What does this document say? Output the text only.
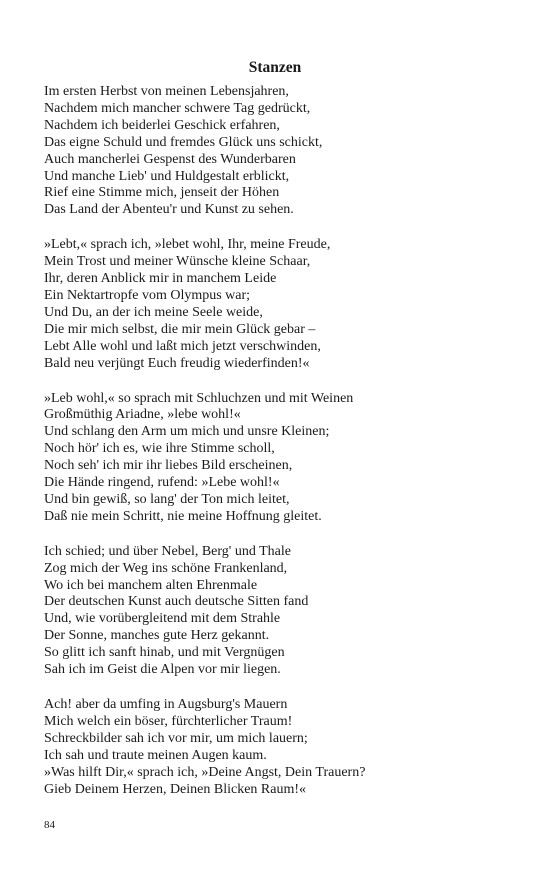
Stanzen
Im ersten Herbst von meinen Lebensjahren,
Nachdem mich mancher schwere Tag gedrückt,
Nachdem ich beiderlei Geschick erfahren,
Das eigne Schuld und fremdes Glück uns schickt,
Auch mancherlei Gespenst des Wunderbaren
Und manche Lieb' und Huldgestalt erblickt,
Rief eine Stimme mich, jenseit der Höhen
Das Land der Abenteu'r und Kunst zu sehen.
»Lebt,« sprach ich, »lebet wohl, Ihr, meine Freude,
Mein Trost und meiner Wünsche kleine Schaar,
Ihr, deren Anblick mir in manchem Leide
Ein Nektartropfe vom Olympus war;
Und Du, an der ich meine Seele weide,
Die mir mich selbst, die mir mein Glück gebar –
Lebt Alle wohl und laßt mich jetzt verschwinden,
Bald neu verjüngt Euch freudig wiederfinden!«
»Leb wohl,« so sprach mit Schluchzen und mit Weinen
Großmüthig Ariadne, »lebe wohl!«
Und schlang den Arm um mich und unsre Kleinen;
Noch hör' ich es, wie ihre Stimme scholl,
Noch seh' ich mir ihr liebes Bild erscheinen,
Die Hände ringend, rufend: »Lebe wohl!«
Und bin gewiß, so lang' der Ton mich leitet,
Daß nie mein Schritt, nie meine Hoffnung gleitet.
Ich schied; und über Nebel, Berg' und Thale
Zog mich der Weg ins schöne Frankenland,
Wo ich bei manchem alten Ehrenmale
Der deutschen Kunst auch deutsche Sitten fand
Und, wie vorübergleitend mit dem Strahle
Der Sonne, manches gute Herz gekannt.
So glitt ich sanft hinab, und mit Vergnügen
Sah ich im Geist die Alpen vor mir liegen.
Ach! aber da umfing in Augsburg's Mauern
Mich welch ein böser, fürchterlicher Traum!
Schreckbilder sah ich vor mir, um mich lauern;
Ich sah und traute meinen Augen kaum.
»Was hilft Dir,« sprach ich, »Deine Angst, Dein Trauern?
Gieb Deinem Herzen, Deinen Blicken Raum!«
84
